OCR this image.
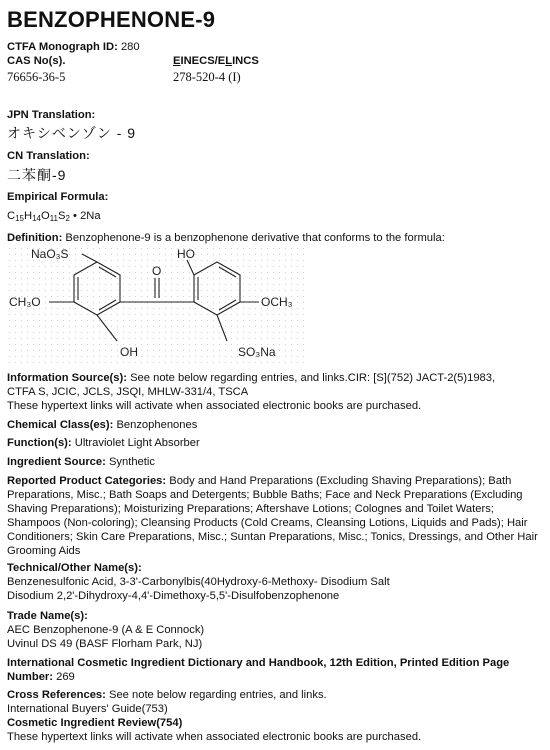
BENZOPHENONE-9
CTFA Monograph ID: 280
CAS No(s).	EINECS/ELINCS
76656-36-5	278-520-4 (I)
JPN Translation:
オキシベンゾン - 9
CN Translation:
二苯酮-9
Empirical Formula:
$C_{15}H_{14}O_{11}S_2$ • 2Na
Definition: Benzophenone-9 is a benzophenone derivative that conforms to the formula:
NaO₃S	HO
O
CH₃O	OCH₃
OH	SO₃Na
Information Source(s): See note below regarding entries, and links.CIR: [S](752) JACT-2(5)1983,
CTFA S, JCIC, JCLS, JSQI, MHLW-331/4, TSCA
These hypertext links will activate when associated electronic books are purchased.
Chemical Class(es): Benzophenones
Function(s): Ultraviolet Light Absorber
Ingredient Source: Synthetic
Reported Product Categories: Body and Hand Preparations (Excluding Shaving Preparations); Bath Preparations, Misc.; Bath Soaps and Detergents; Bubble Baths; Face and Neck Preparations (Excluding Shaving Preparations); Moisturizing Preparations; Aftershave Lotions; Colognes and Toilet Waters; Shampoos (Non-coloring); Cleansing Products (Cold Creams, Cleansing Lotions, Liquids and Pads); Hair Conditioners; Skin Care Preparations, Misc.; Suntan Preparations, Misc.; Tonics, Dressings, and Other Hair Grooming Aids
Technical/Other Name(s):
Benzenesulfonic Acid, 3-3'-Carbonylbis(40Hydroxy-6-Methoxy- Disodium Salt
Disodium 2,2'-Dihydroxy-4,4'-Dimethoxy-5,5'-Disulfobenzophenone
Trade Name(s):
AEC Benzophenone-9 (A & E Connock)
Uvinul DS 49 (BASF Florham Park, NJ)
International Cosmetic Ingredient Dictionary and Handbook, 12th Edition, Printed Edition Page Number: 269
Cross References: See note below regarding entries, and links.
International Buyers' Guide(753)
Cosmetic Ingredient Review(754)
These hypertext links will activate when associated electronic books are purchased.
